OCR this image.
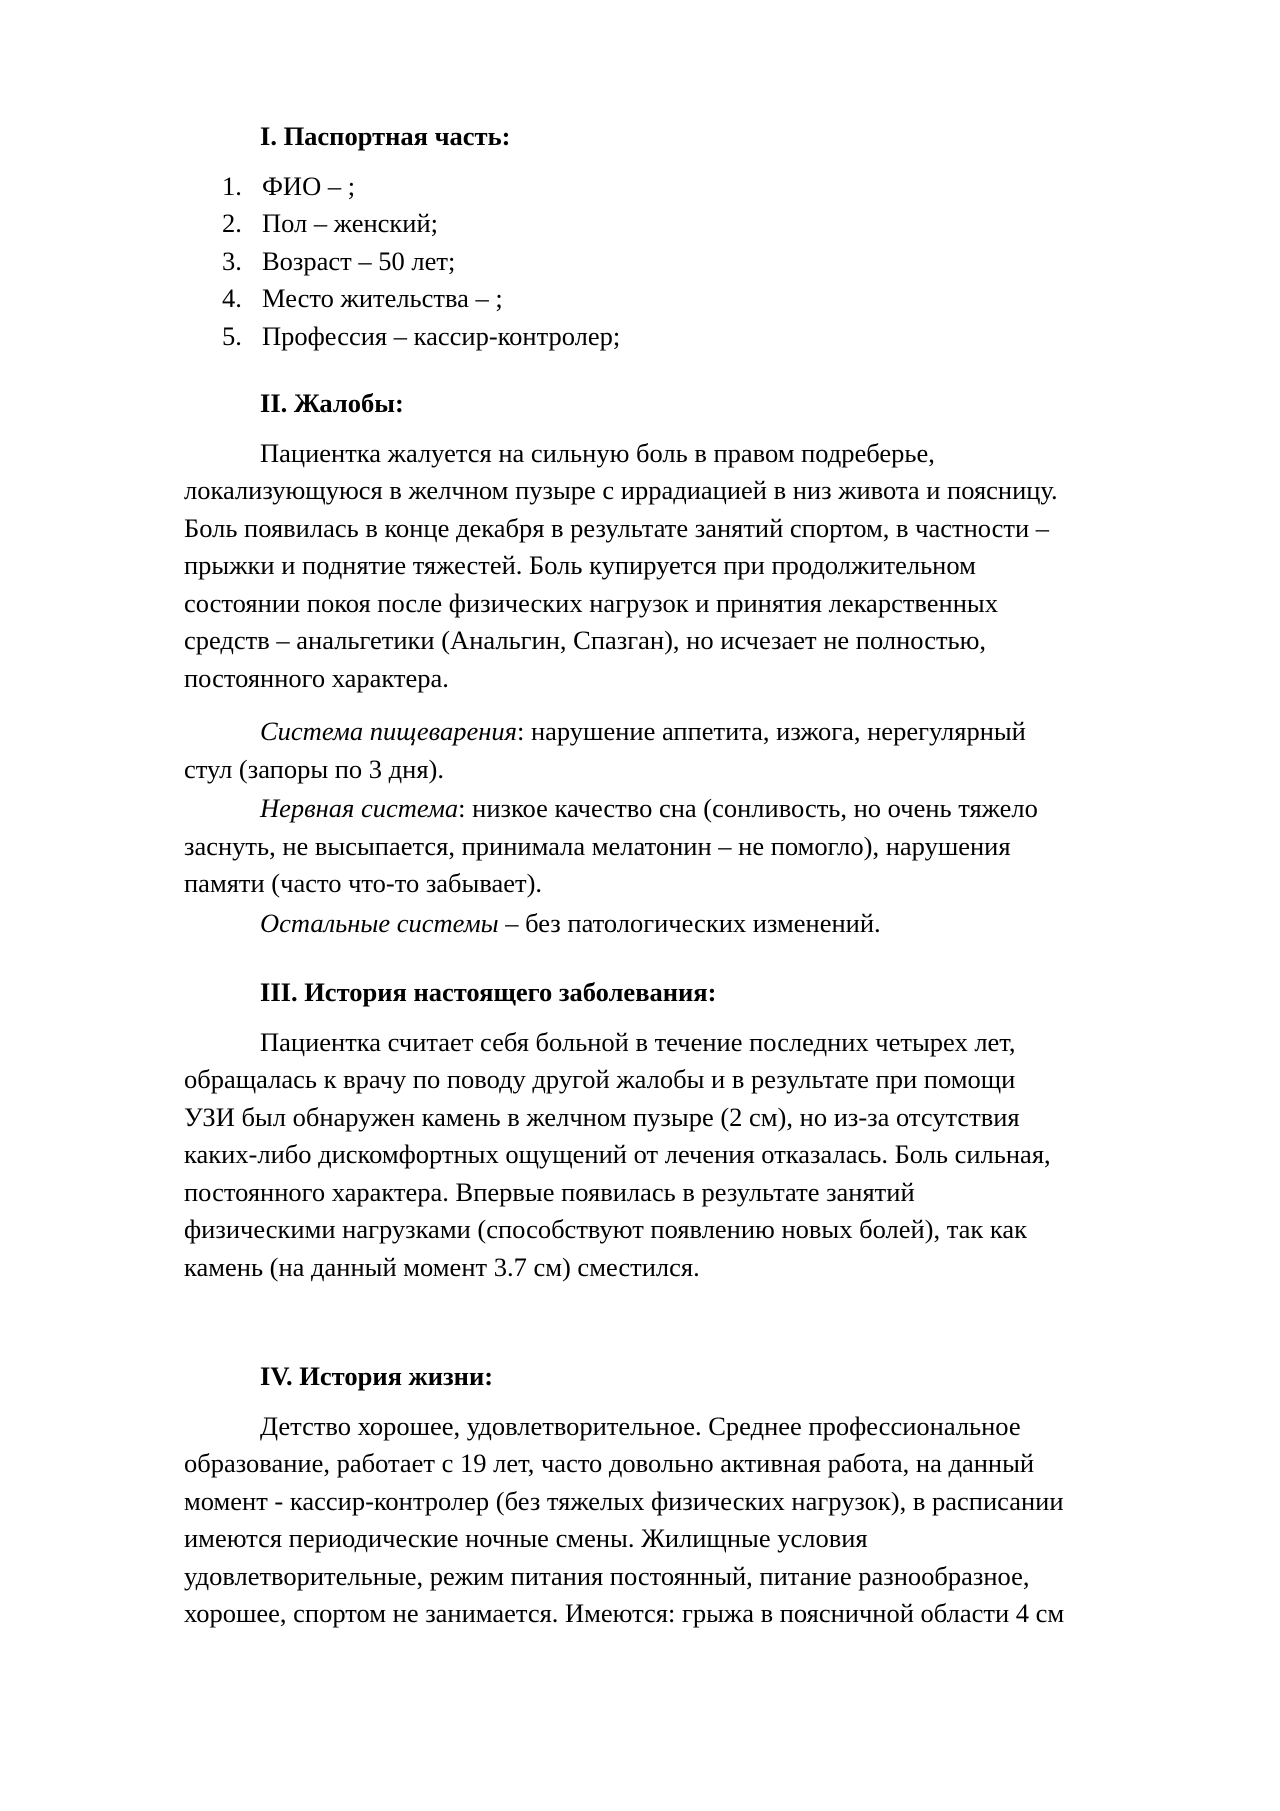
I. Паспортная часть:
1. ФИО – ;
2. Пол – женский;
3. Возраст – 50 лет;
4. Место жительства – ;
5. Профессия – кассир-контролер;
II. Жалобы:
Пациентка жалуется на сильную боль в правом подреберье,
локализующуюся в желчном пузыре с иррадиацией в низ живота и поясницу.
Боль появилась в конце декабря в результате занятий спортом, в частности –
прыжки и поднятие тяжестей. Боль купируется при продолжительном
состоянии покоя после физических нагрузок и принятия лекарственных
средств – анальгетики (Анальгин, Спазган), но исчезает не полностью,
постоянного характера.
Система пищеварения: нарушение аппетита, изжога, нерегулярный
стул (запоры по 3 дня).
Нервная система: низкое качество сна (сонливость, но очень тяжело
заснуть, не высыпается, принимала мелатонин – не помогло), нарушения
памяти (часто что-то забывает).
Остальные системы – без патологических изменений.
III. История настоящего заболевания:
Пациентка считает себя больной в течение последних четырех лет,
обращалась к врачу по поводу другой жалобы и в результате при помощи
УЗИ был обнаружен камень в желчном пузыре (2 см), но из-за отсутствия
каких-либо дискомфортных ощущений от лечения отказалась. Боль сильная,
постоянного характера. Впервые появилась в результате занятий
физическими нагрузками (способствуют появлению новых болей), так как
камень (на данный момент 3.7 см) сместился.
IV. История жизни:
Детство хорошее, удовлетворительное. Среднее профессиональное
образование, работает с 19 лет, часто довольно активная работа, на данный
момент - кассир-контролер (без тяжелых физических нагрузок), в расписании
имеются периодические ночные смены. Жилищные условия
удовлетворительные, режим питания постоянный, питание разнообразное,
хорошее, спортом не занимается. Имеются: грыжа в поясничной области 4 см
